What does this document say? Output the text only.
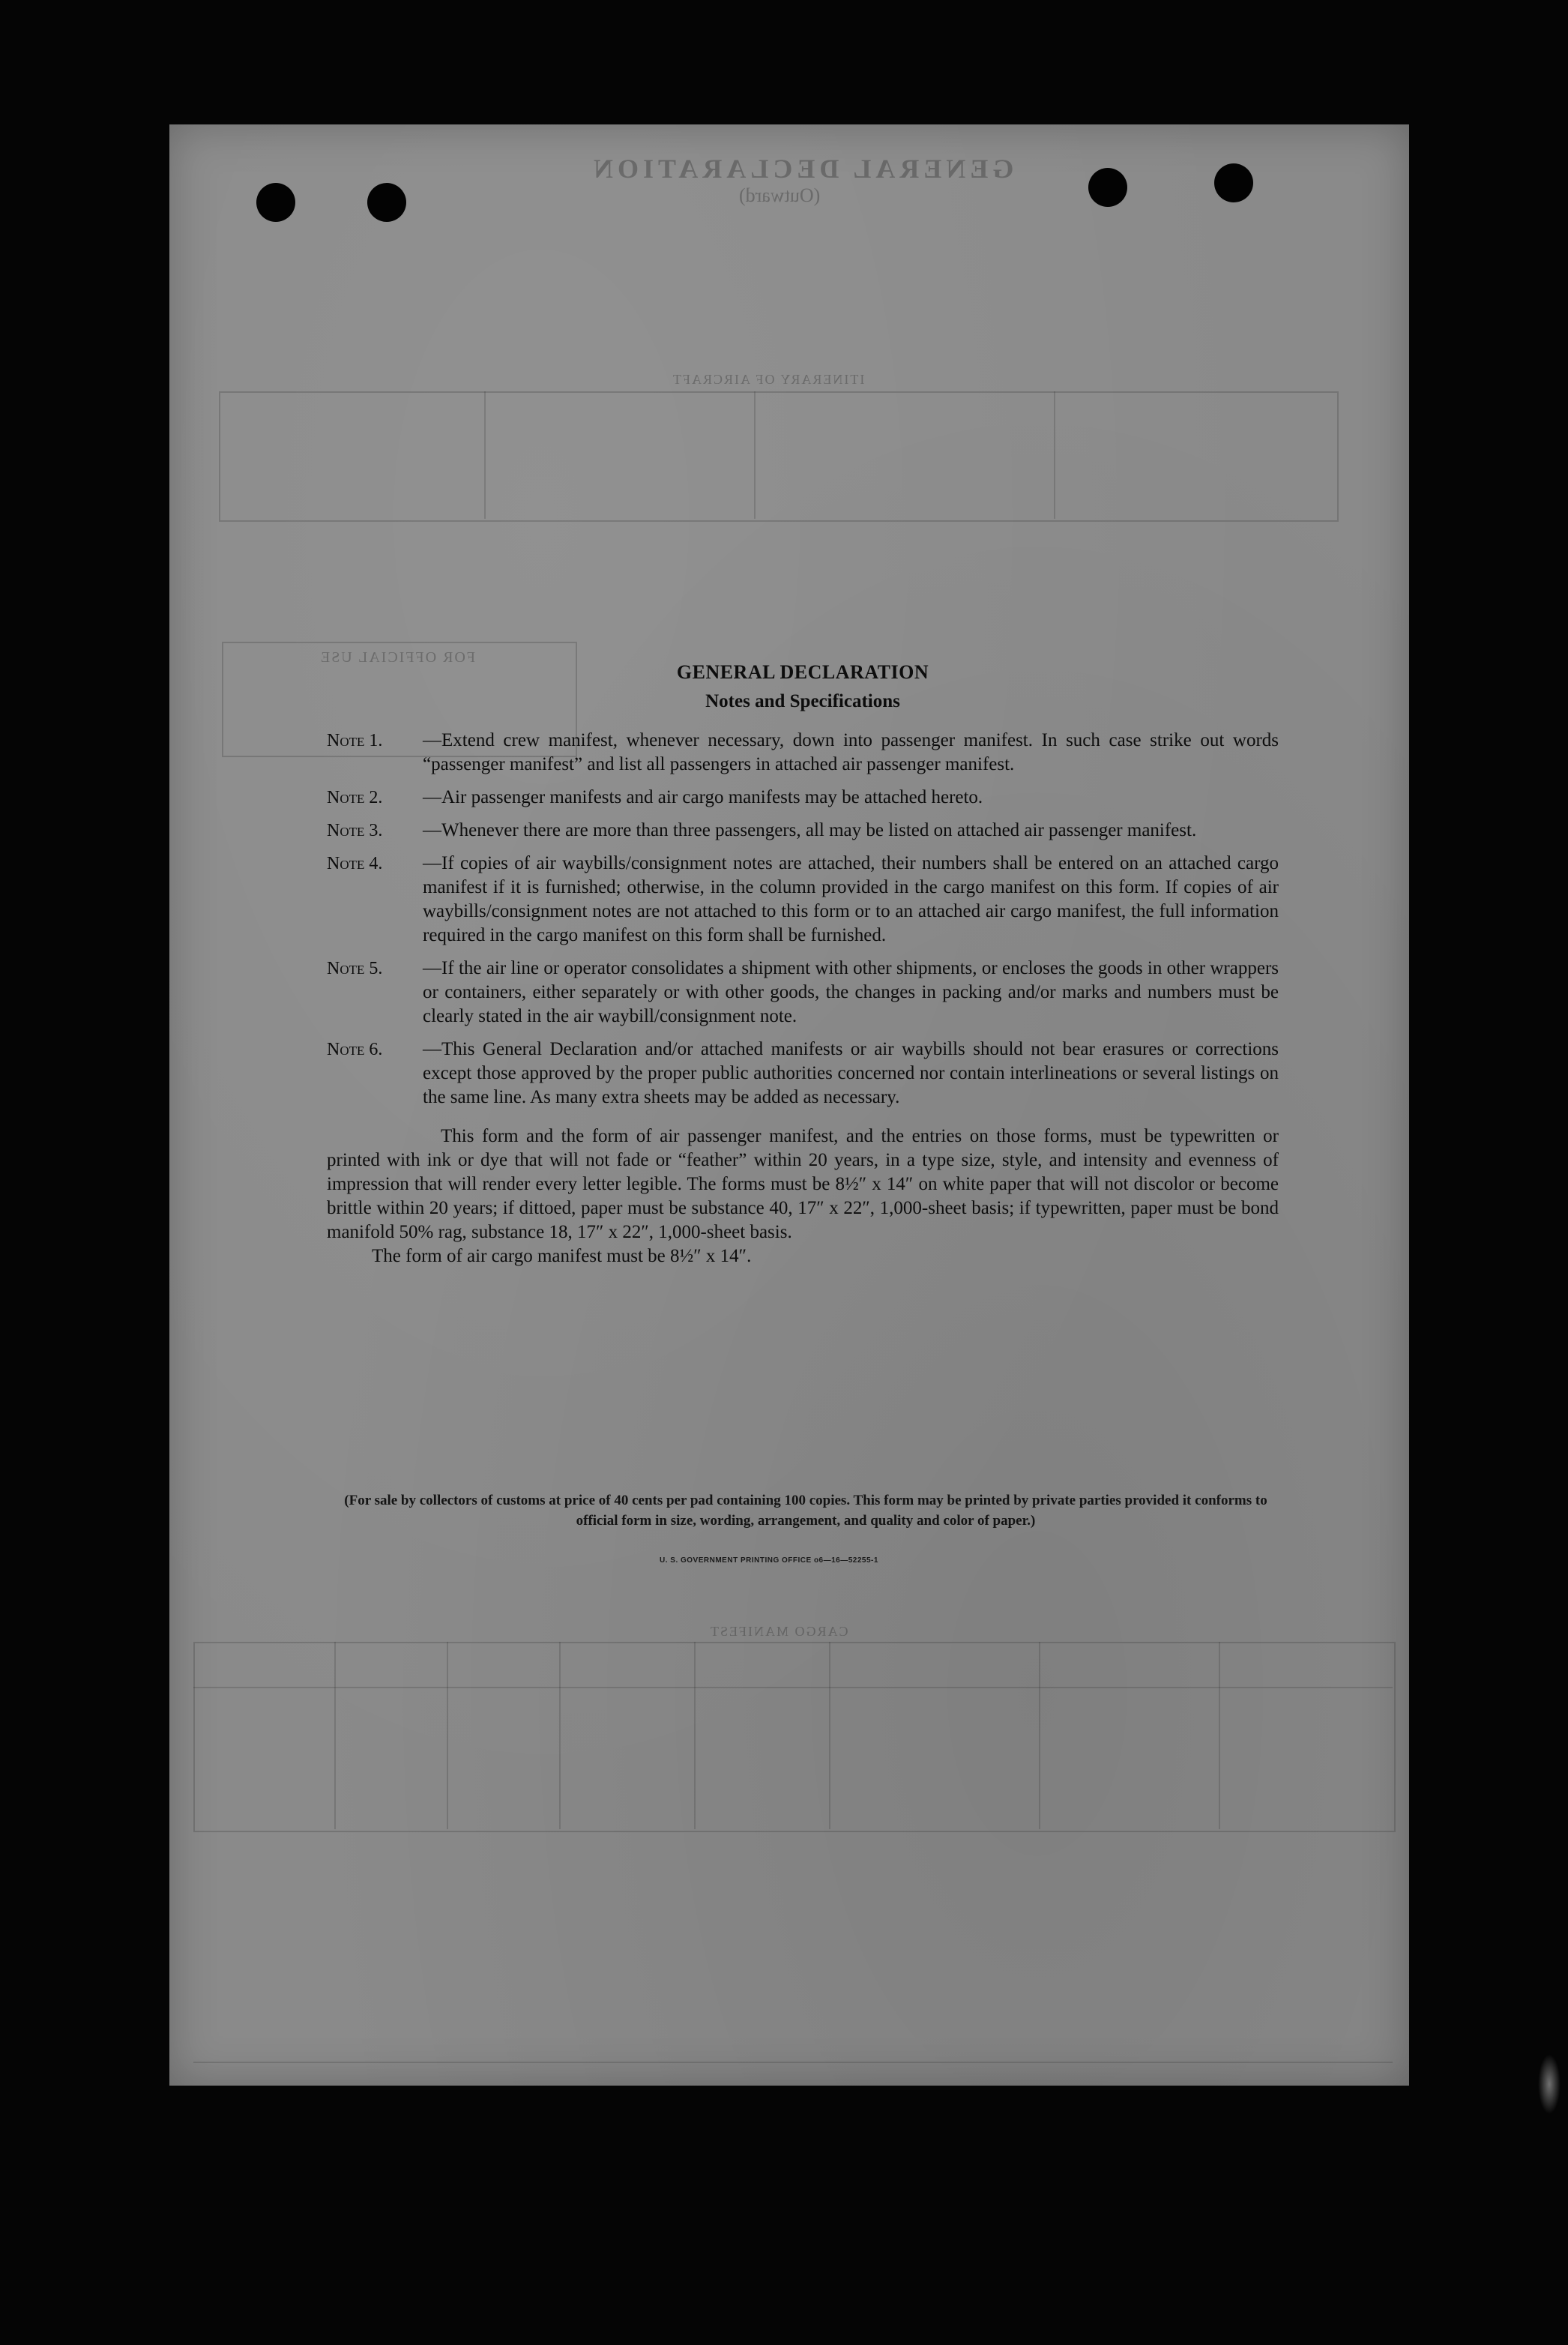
GENERAL DECLARATION
(Outward)
ITINERARY OF AIRCRAFT
FOR OFFICIAL USE
CARGO MANIFEST
GENERAL DECLARATION
Notes and Specifications
Note 1.	—Extend crew manifest, whenever necessary, down into passenger manifest. In such case strike out words “passenger manifest” and list all passengers in attached air passenger manifest.
Note 2.	—Air passenger manifests and air cargo manifests may be attached hereto.
Note 3.	—Whenever there are more than three passengers, all may be listed on attached air passenger manifest.
Note 4.	—If copies of air waybills/consignment notes are attached, their numbers shall be entered on an attached cargo manifest if it is furnished; otherwise, in the column provided in the cargo manifest on this form. If copies of air waybills/consignment notes are not attached to this form or to an attached air cargo manifest, the full information required in the cargo manifest on this form shall be furnished.
Note 5.	—If the air line or operator consolidates a shipment with other shipments, or encloses the goods in other wrappers or containers, either separately or with other goods, the changes in packing and/or marks and numbers must be clearly stated in the air waybill/consignment note.
Note 6.	—This General Declaration and/or attached manifests or air waybills should not bear erasures or corrections except those approved by the proper public authorities concerned nor contain interlineations or several listings on the same line. As many extra sheets may be added as necessary.
This form and the form of air passenger manifest, and the entries on those forms, must be typewritten or printed with ink or dye that will not fade or “feather” within 20 years, in a type size, style, and intensity and evenness of impression that will render every letter legible. The forms must be 8½″ x 14″ on white paper that will not discolor or become brittle within 20 years; if dittoed, paper must be substance 40, 17″ x 22″, 1,000-sheet basis; if typewritten, paper must be bond manifold 50% rag, substance 18, 17″ x 22″, 1,000-sheet basis.
The form of air cargo manifest must be 8½″ x 14″.
(For sale by collectors of customs at price of 40 cents per pad containing 100 copies. This form may be printed by private parties provided it conforms to official form in size, wording, arrangement, and quality and color of paper.)
U. S. GOVERNMENT PRINTING OFFICE o6—16—52255-1
